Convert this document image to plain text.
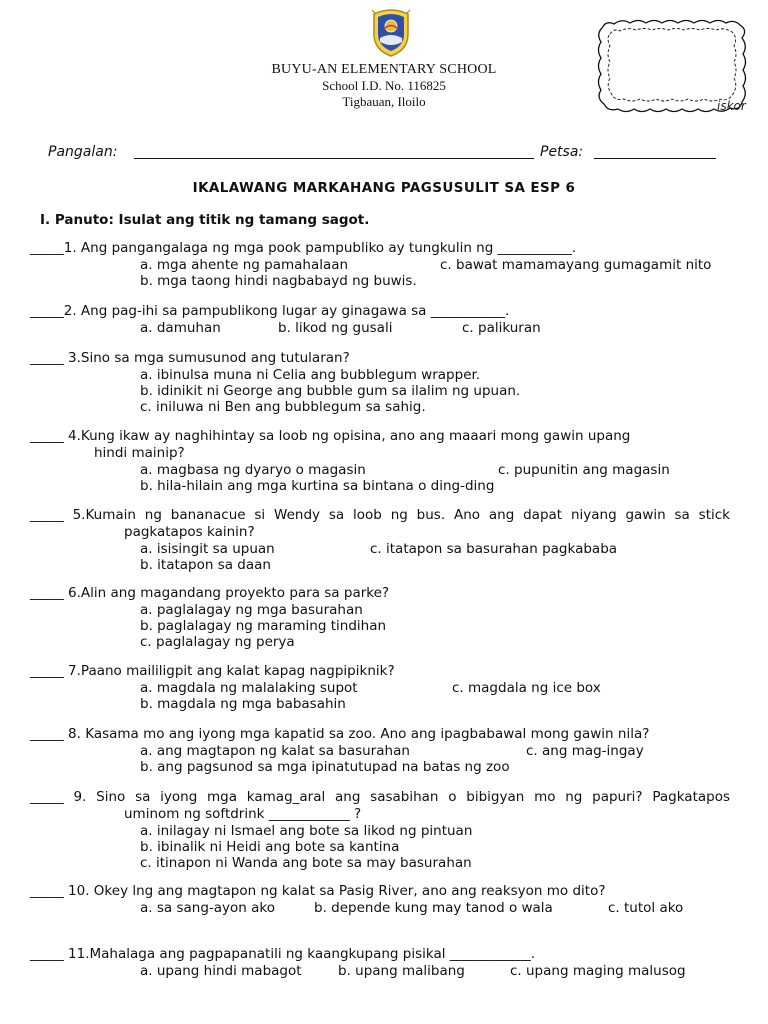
BUYU-AN ELEMENTARY SCHOOL
School I.D. No. 116825
Tigbauan, Iloilo	iskor
Pangalan:	Petsa:
IKALAWANG MARKAHANG PAGSUSULIT SA ESP 6
I. Panuto: Isulat ang titik ng tamang sagot.
_____1. Ang pangangalaga ng mga pook pampubliko ay tungkulin ng ___________.
a. mga ahente ng pamahalaan	c. bawat mamamayang gumagamit nito
b. mga taong hindi nagbabayd ng buwis.
_____2. Ang pag-ihi sa pampublikong lugar ay ginagawa sa ___________.
a. damuhan	b. likod ng gusali	c. palikuran
_____ 3.Sino sa mga sumusunod ang tutularan?
a. ibinulsa muna ni Celia ang bubblegum wrapper.
b. idinikit ni George ang bubble gum sa ilalim ng upuan.
c. iniluwa ni Ben ang bubblegum sa sahig.
_____ 4.Kung ikaw ay naghihintay sa loob ng opisina, ano ang maaari mong gawin upang
hindi mainip?
a. magbasa ng dyaryo o magasin	c. pupunitin ang magasin
b. hila-hilain ang mga kurtina sa bintana o ding-ding
_____ 5.Kumain ng bananacue si Wendy sa loob ng bus. Ano ang dapat niyang gawin sa stick
pagkatapos kainin?
a. isisingit sa upuan	c. itatapon sa basurahan pagkababa
b. itatapon sa daan
_____ 6.Alin ang magandang proyekto para sa parke?
a. paglalagay ng mga basurahan
b. paglalagay ng maraming tindihan
c. paglalagay ng perya
_____ 7.Paano maililigpit ang kalat kapag nagpipiknik?
a. magdala ng malalaking supot	c. magdala ng ice box
b. magdala ng mga babasahin
_____ 8. Kasama mo ang iyong mga kapatid sa zoo. Ano ang ipagbabawal mong gawin nila?
a. ang magtapon ng kalat sa basurahan	c. ang mag-ingay
b. ang pagsunod sa mga ipinatutupad na batas ng zoo
_____ 9. Sino sa iyong mga kamag_aral ang sasabihan o bibigyan mo ng papuri? Pagkatapos
uminom ng softdrink ____________ ?
a. inilagay ni Ismael ang bote sa likod ng pintuan
b. ibinalik ni Heidi ang bote sa kantina
c. itinapon ni Wanda ang bote sa may basurahan
_____ 10. Okey lng ang magtapon ng kalat sa Pasig River, ano ang reaksyon mo dito?
a. sa sang-ayon ako	b. depende kung may tanod o wala	c. tutol ako
_____ 11.Mahalaga ang pagpapanatili ng kaangkupang pisikal ____________.
a. upang hindi mabagot	b. upang malibang	c. upang maging malusog
